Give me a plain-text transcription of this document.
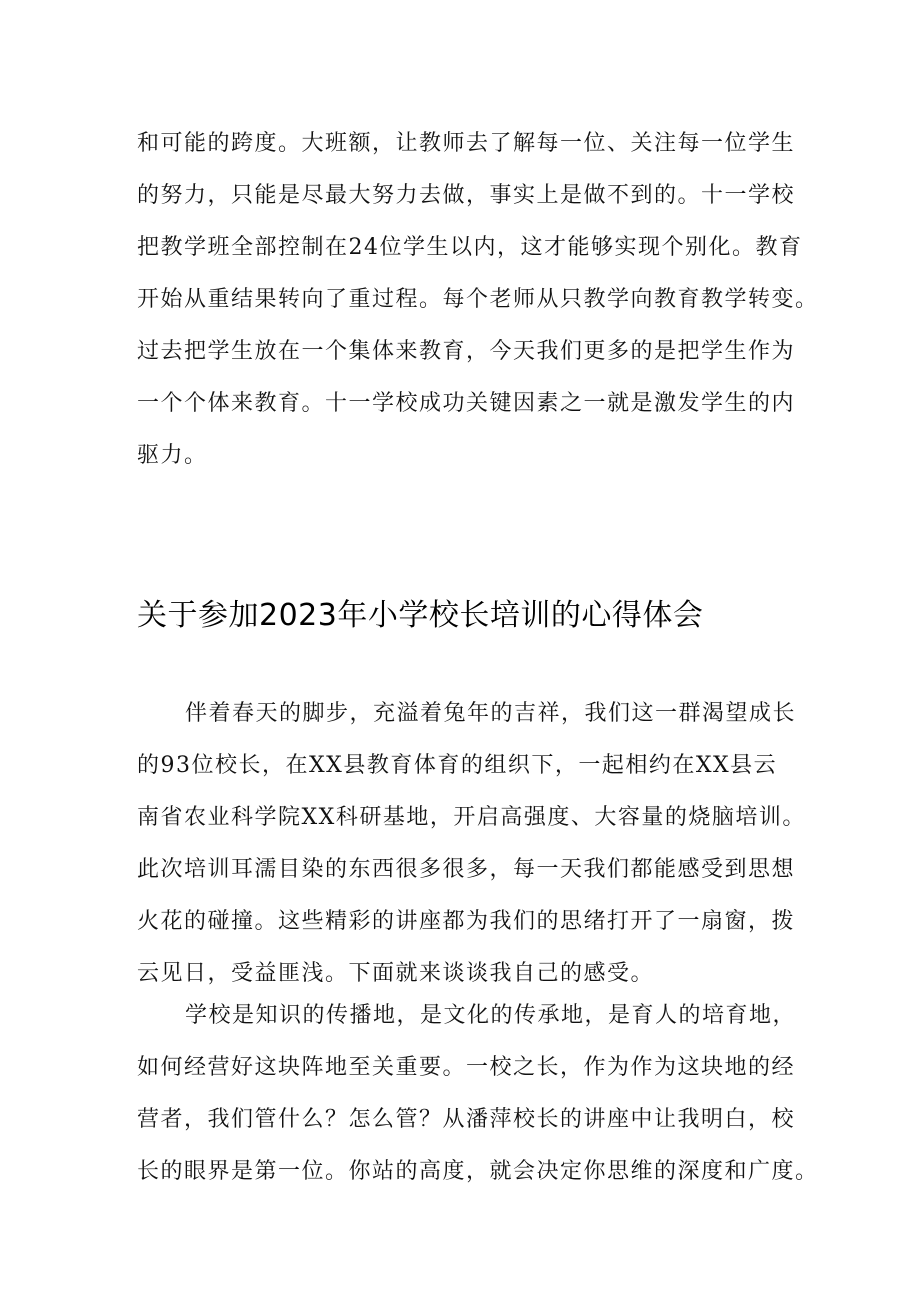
和可能的跨度。大班额，让教师去了解每一位、关注每一位学生
的努力，只能是尽最大努力去做，事实上是做不到的。十一学校
把教学班全部控制在24位学生以内，这才能够实现个别化。教育
开始从重结果转向了重过程。每个老师从只教学向教育教学转变。
过去把学生放在一个集体来教育，今天我们更多的是把学生作为
一个个体来教育。十一学校成功关键因素之一就是激发学生的内
驱力。
关于参加2023年小学校长培训的心得体会
伴着春天的脚步，充溢着兔年的吉祥，我们这一群渴望成长
的93位校长，在XX县教育体育的组织下，一起相约在XX县云
南省农业科学院XX科研基地，开启高强度、大容量的烧脑培训。
此次培训耳濡目染的东西很多很多，每一天我们都能感受到思想
火花的碰撞。这些精彩的讲座都为我们的思绪打开了一扇窗，拨
云见日，受益匪浅。下面就来谈谈我自己的感受。
学校是知识的传播地，是文化的传承地，是育人的培育地，
如何经营好这块阵地至关重要。一校之长，作为作为这块地的经
营者，我们管什么？怎么管？从潘萍校长的讲座中让我明白，校
长的眼界是第一位。你站的高度，就会决定你思维的深度和广度。
